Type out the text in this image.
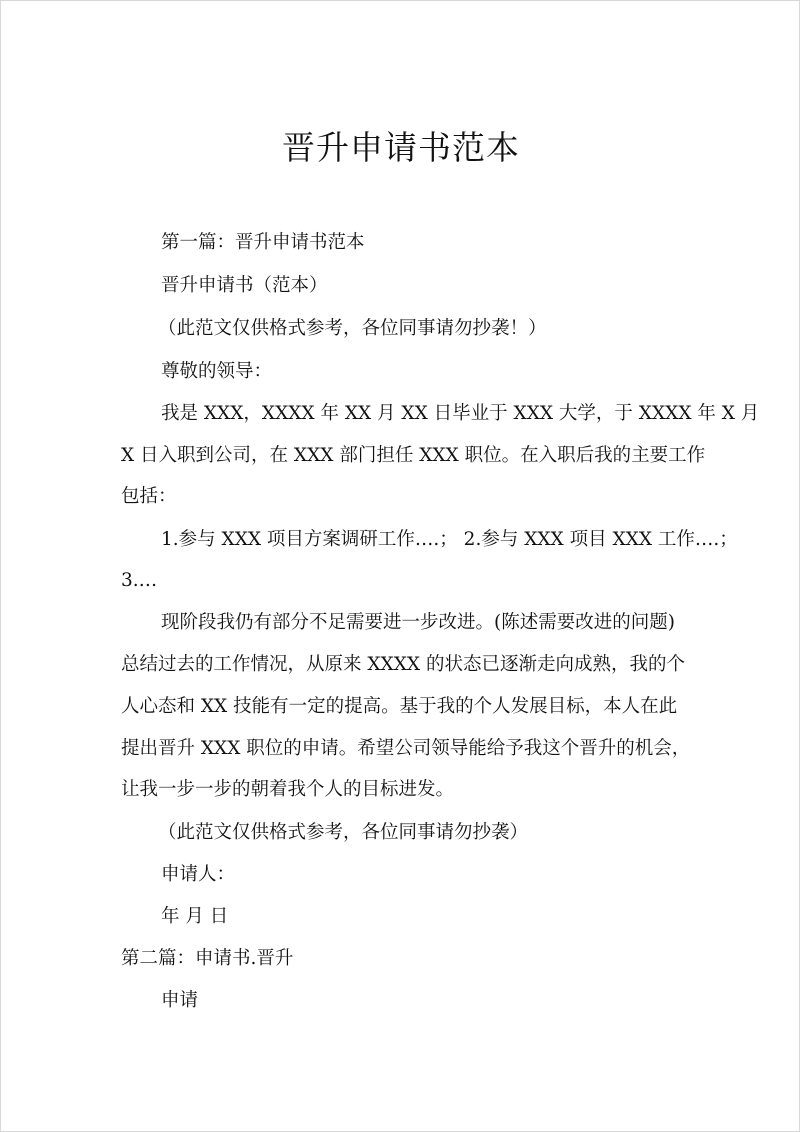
晋升申请书范本
第一篇：晋升申请书范本
晋升申请书（范本）
（此范文仅供格式参考，各位同事请勿抄袭！）
尊敬的领导：
我是 XXX，XXXX 年 XX 月 XX 日毕业于 XXX 大学，于 XXXX 年 X 月
X 日入职到公司，在 XXX 部门担任 XXX 职位。在入职后我的主要工作
包括：
1.参与 XXX 项目方案调研工作….； 2.参与 XXX 项目 XXX 工作….；
3.…
现阶段我仍有部分不足需要进一步改进。(陈述需要改进的问题)
总结过去的工作情况，从原来 XXXX 的状态已逐渐走向成熟，我的个
人心态和 XX 技能有一定的提高。基于我的个人发展目标，本人在此
提出晋升 XXX 职位的申请。希望公司领导能给予我这个晋升的机会，
让我一步一步的朝着我个人的目标进发。
（此范文仅供格式参考，各位同事请勿抄袭）
申请人：
年 月 日
第二篇：申请书.晋升
申请
